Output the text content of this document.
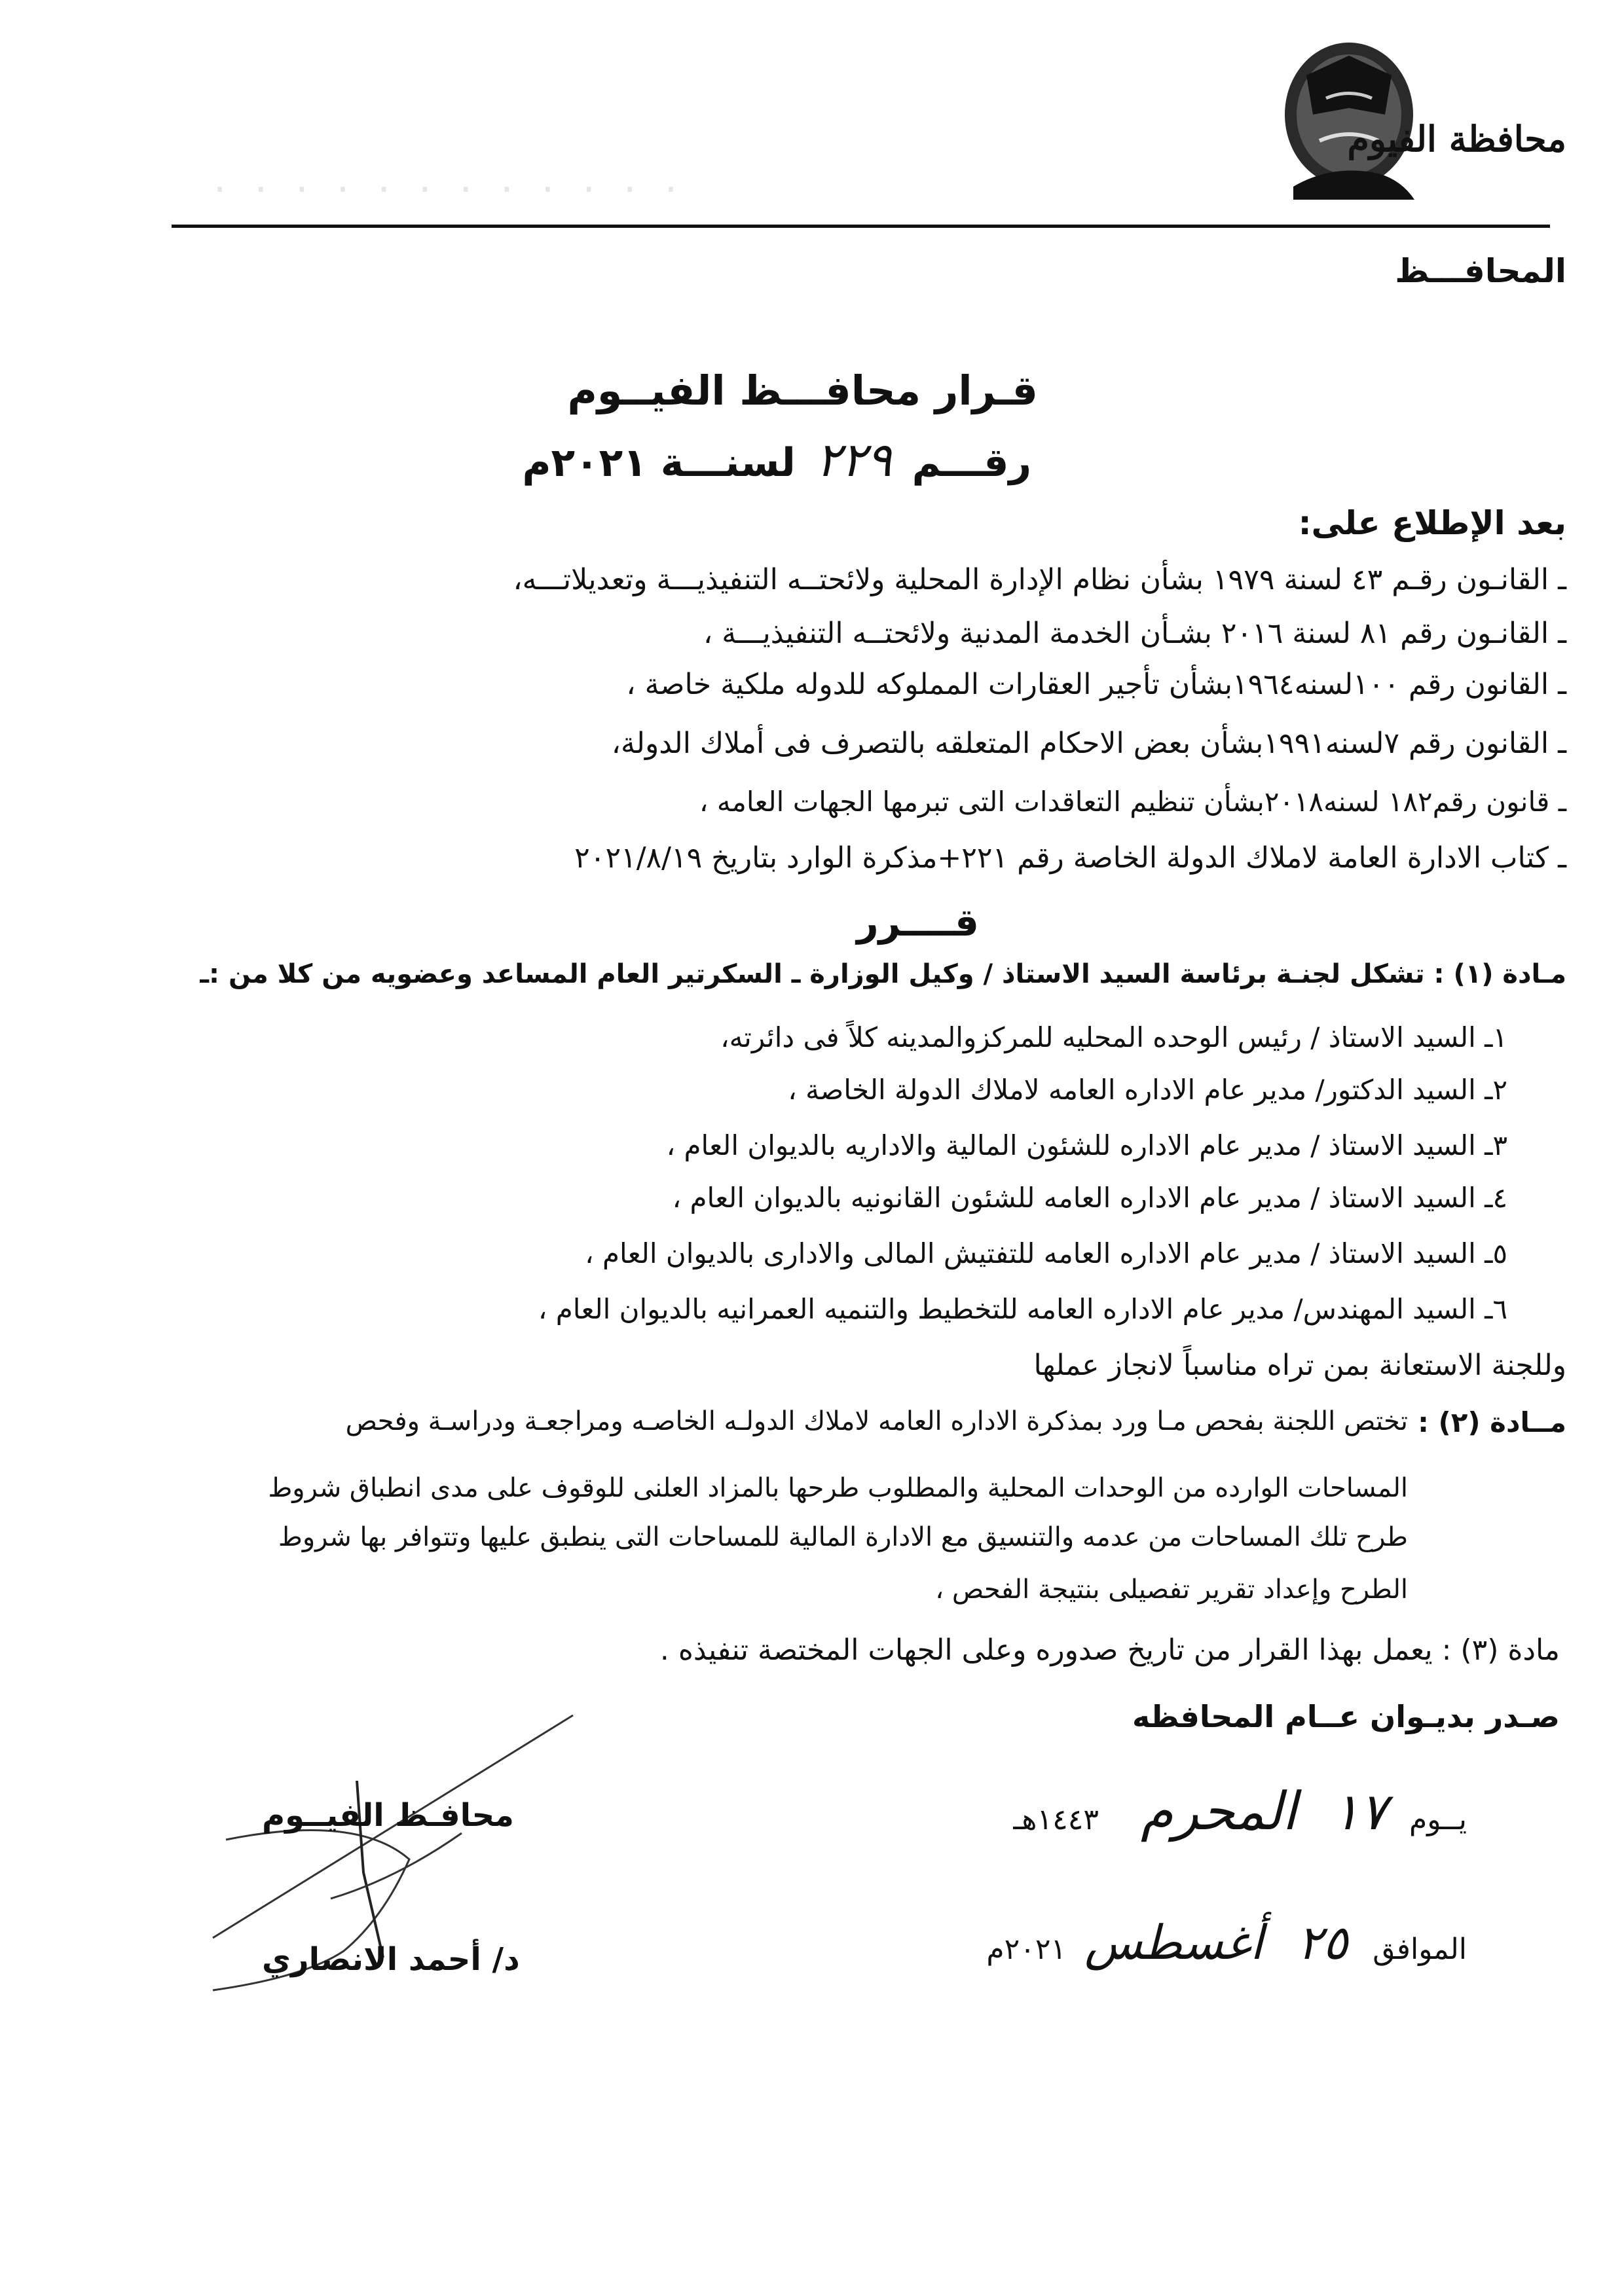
محافظة الفيوم
· · · · · · · · · · · ·
المحافـــظ
قـرار محافـــظ الفيــوم
رقـــم ٢٢٩ لسنـــة ٢٠٢١م
بعد الإطلاع على:
ـ القانـون رقـم ٤٣ لسنة ١٩٧٩ بشأن نظام الإدارة المحلية ولائحتــه التنفيذيـــة وتعديلاتـــه،
ـ القانـون رقم ٨١ لسنة ٢٠١٦ بشـأن الخدمة المدنية ولائحتــه التنفيذيـــة ،
ـ القانون رقم ١٠٠لسنه١٩٦٤بشأن تأجير العقارات المملوكه للدوله ملكية خاصة ،
ـ القانون رقم ٧لسنه١٩٩١بشأن بعض الاحكام المتعلقه بالتصرف فى أملاك الدولة،
ـ قانون رقم١٨٢ لسنه٢٠١٨بشأن تنظيم التعاقدات التى تبرمها الجهات العامه ،
ـ كتاب الادارة العامة لاملاك الدولة الخاصة رقم ٢٢١+مذكرة الوارد بتاريخ ٢٠٢١/٨/١٩
قــــرر
مـادة (١) : تشكل لجنـة برئاسة السيد الاستاذ / وكيل الوزارة ـ السكرتير العام المساعد وعضويه من كلا من :ـ
١ـ السيد الاستاذ / رئيس الوحده المحليه للمركزوالمدينه كلاً فى دائرته،
٢ـ السيد الدكتور/ مدير عام الاداره العامه لاملاك الدولة الخاصة ،
٣ـ السيد الاستاذ / مدير عام الاداره للشئون المالية والاداريه بالديوان العام ،
٤ـ السيد الاستاذ / مدير عام الاداره العامه للشئون القانونيه بالديوان العام ،
٥ـ السيد الاستاذ / مدير عام الاداره العامه للتفتيش المالى والادارى بالديوان العام ،
٦ـ السيد المهندس/ مدير عام الاداره العامه للتخطيط والتنميه العمرانيه بالديوان العام ،
وللجنة الاستعانة بمن تراه مناسباً لانجاز عملها
مــادة (٢) :
تختص اللجنة بفحص مـا ورد بمذكرة الاداره العامه لاملاك الدولـه الخاصـه ومراجعـة ودراسـة وفحص
المساحات الوارده من الوحدات المحلية والمطلوب طرحها بالمزاد العلنى للوقوف على مدى انطباق شروط
طرح تلك المساحات من عدمه والتنسيق مع الادارة المالية للمساحات التى ينطبق عليها وتتوافر بها شروط
الطرح وإعداد تقرير تفصيلى بنتيجة الفحص ،
مادة (٣) : يعمل بهذا القرار من تاريخ صدوره وعلى الجهات المختصة تنفيذه .
صـدر بديـوان عــام المحافظه
محافـظ الفيــوم
د/ أحمد الانصاري
يــوم ١٧ المحرم ١٤٤٣هـ
الموافق ٢٥ أغسطس ٢٠٢١م
